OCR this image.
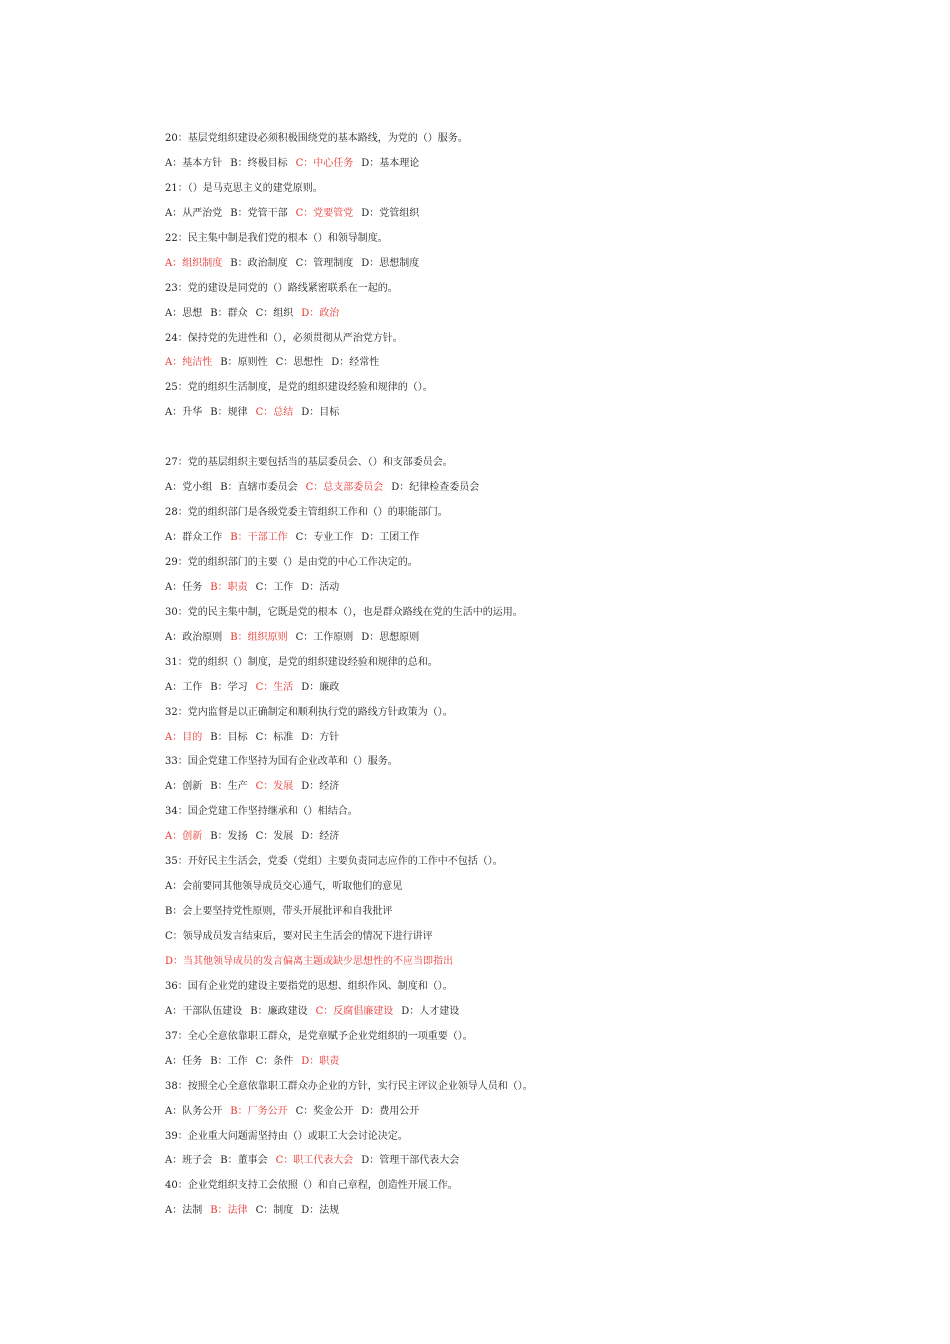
20：基层党组织建设必须积极围绕党的基本路线，为党的（）服务。
A：基本方针 B：终极目标 C：中心任务 D：基本理论
21：（）是马克思主义的建党原则。
A：从严治党 B：党管干部 C：党要管党 D：党管组织
22：民主集中制是我们党的根本（）和领导制度。
A：组织制度 B：政治制度 C：管理制度 D：思想制度
23：党的建设是同党的（）路线紧密联系在一起的。
A：思想 B：群众 C：组织 D：政治
24：保持党的先进性和（），必须贯彻从严治党方针。
A：纯洁性 B：原则性 C：思想性 D：经常性
25：党的组织生活制度，是党的组织建设经验和规律的（）。
A：升华 B：规律 C：总结 D：目标
27：党的基层组织主要包括当的基层委员会、（）和支部委员会。
A：党小组 B：直辖市委员会 C：总支部委员会 D：纪律检查委员会
28：党的组织部门是各级党委主管组织工作和（）的职能部门。
A：群众工作 B：干部工作 C：专业工作 D：工团工作
29：党的组织部门的主要（）是由党的中心工作决定的。
A：任务 B：职责 C：工作 D：活动
30：党的民主集中制，它既是党的根本（），也是群众路线在党的生活中的运用。
A：政治原则 B：组织原则 C：工作原则 D：思想原则
31：党的组织（）制度，是党的组织建设经验和规律的总和。
A：工作 B：学习 C：生活 D：廉政
32：党内监督是以正确制定和顺利执行党的路线方针政策为（）。
A：目的 B：目标 C：标准 D：方针
33：国企党建工作坚持为国有企业改革和（）服务。
A：创新 B：生产 C：发展 D：经济
34：国企党建工作坚持继承和（）相结合。
A：创新 B：发扬 C：发展 D：经济
35：开好民主生活会，党委（党组）主要负责同志应作的工作中不包括（）。
A：会前要同其他领导成员交心通气，听取他们的意见
B：会上要坚持党性原则，带头开展批评和自我批评
C：领导成员发言结束后，要对民主生活会的情况下进行讲评
D：当其他领导成员的发言偏离主题或缺少思想性的不应当即指出
36：国有企业党的建设主要指党的思想、组织作风、制度和（）。
A：干部队伍建设 B：廉政建设 C：反腐倡廉建设 D：人才建设
37：全心全意依靠职工群众，是党章赋予企业党组织的一项重要（）。
A：任务 B：工作 C：条件 D：职责
38：按照全心全意依靠职工群众办企业的方针，实行民主评议企业领导人员和（）。
A：队务公开 B：厂务公开 C：奖金公开 D：费用公开
39：企业重大问题需坚持由（）或职工大会讨论决定。
A：班子会 B：董事会 C：职工代表大会 D：管理干部代表大会
40：企业党组织支持工会依照（）和自己章程，创造性开展工作。
A：法制 B：法律 C：制度 D：法规
